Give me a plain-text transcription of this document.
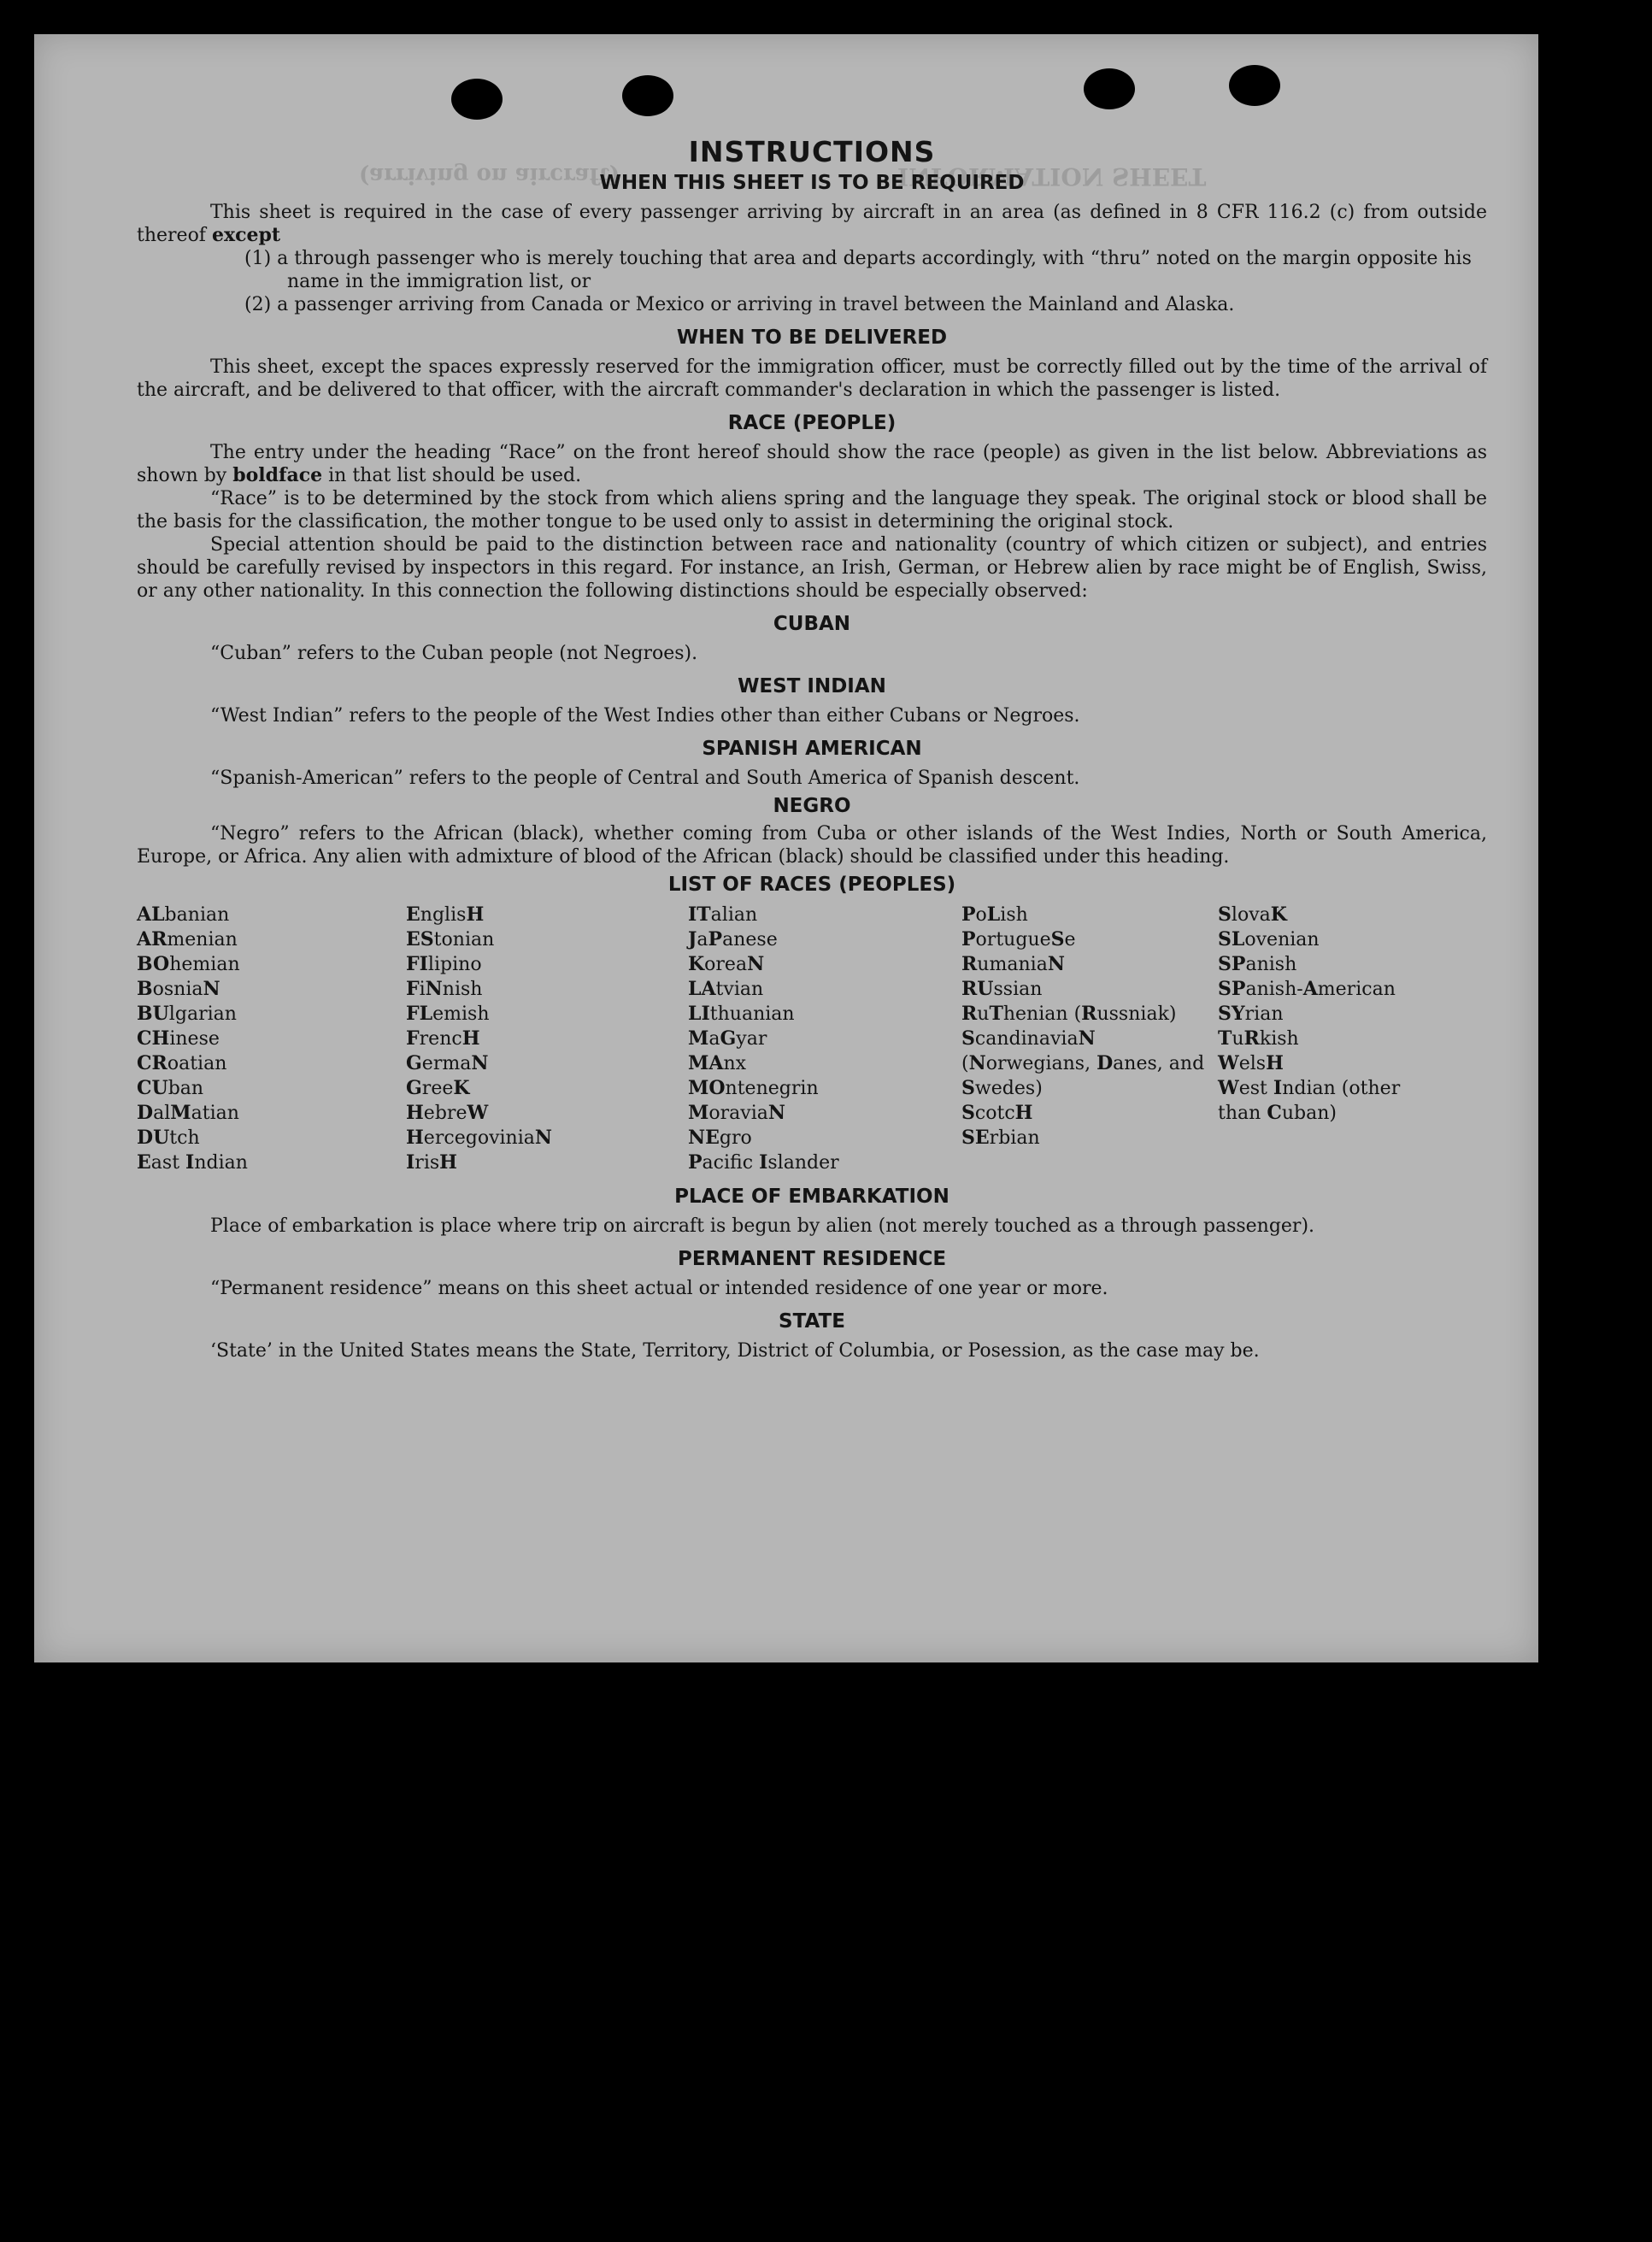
INFORMATION SHEET
(arriving on aircraft)
INSTRUCTIONS
WHEN THIS SHEET IS TO BE REQUIRED

This sheet is required in the case of every passenger arriving by aircraft in an area (as defined in 8 CFR 116.2 (c) from outside thereof except

(1) a through passenger who is merely touching that area and departs accordingly, with “thru” noted on the margin opposite his name in the immigration list, or
(2) a passenger arriving from Canada or Mexico or arriving in travel between the Mainland and Alaska.
WHEN TO BE DELIVERED

This sheet, except the spaces expressly reserved for the immigration officer, must be correctly filled out by the time of the arrival of the aircraft, and be delivered to that officer, with the aircraft commander's declaration in which the passenger is listed.

RACE (PEOPLE)

The entry under the heading “Race” on the front hereof should show the race (people) as given in the list below. Abbreviations as shown by boldface in that list should be used.

“Race” is to be determined by the stock from which aliens spring and the language they speak. The original stock or blood shall be the basis for the classification, the mother tongue to be used only to assist in determining the original stock.

Special attention should be paid to the distinction between race and nationality (country of which citizen or subject), and entries should be carefully revised by inspectors in this regard. For instance, an Irish, German, or Hebrew alien by race might be of English, Swiss, or any other nationality. In this connection the following distinctions should be especially observed:

CUBAN

“Cuban” refers to the Cuban people (not Negroes).

WEST INDIAN

“West Indian” refers to the people of the West Indies other than either Cubans or Negroes.

SPANISH AMERICAN

“Spanish-American” refers to the people of Central and South America of Spanish descent.

NEGRO

“Negro” refers to the African (black), whether coming from Cuba or other islands of the West Indies, North or South America, Europe, or Africa. Any alien with admixture of blood of the African (black) should be classified under this heading.

LIST OF RACES (PEOPLES)
ALbanian
ARmenian
BOhemian
BosniaN
BUlgarian
CHinese
CRoatian
CUban
DalMatian
DUtch
East Indian
EnglisH
EStonian
FIlipino
FiNnish
FLemish
FrencH
GermaN
GreeK
HebreW
HercegoviniaN
IrisH
ITalian
JaPanese
KoreaN
LAtvian
LIthuanian
MaGyar
MAnx
MOntenegrin
MoraviaN
NEgro
Pacifc Islander
PoLish
PortugueSe
RumaniaN
RUssian
RuThenian (Russniak)
ScandinaviaN (Norwegians, Danes, and Swedes)
ScotcH
SErbian
SlovaK
SLovenian
SPanish
SPanish-American
SYrian
TuRkish
WelsH
West Indian (other than Cuban)
PLACE OF EMBARKATION

Place of embarkation is place where trip on aircraft is begun by alien (not merely touched as a through passenger).

PERMANENT RESIDENCE

“Permanent residence” means on this sheet actual or intended residence of one year or more.

STATE

‘State’ in the United States means the State, Territory, District of Columbia, or Posession, as the case may be.
